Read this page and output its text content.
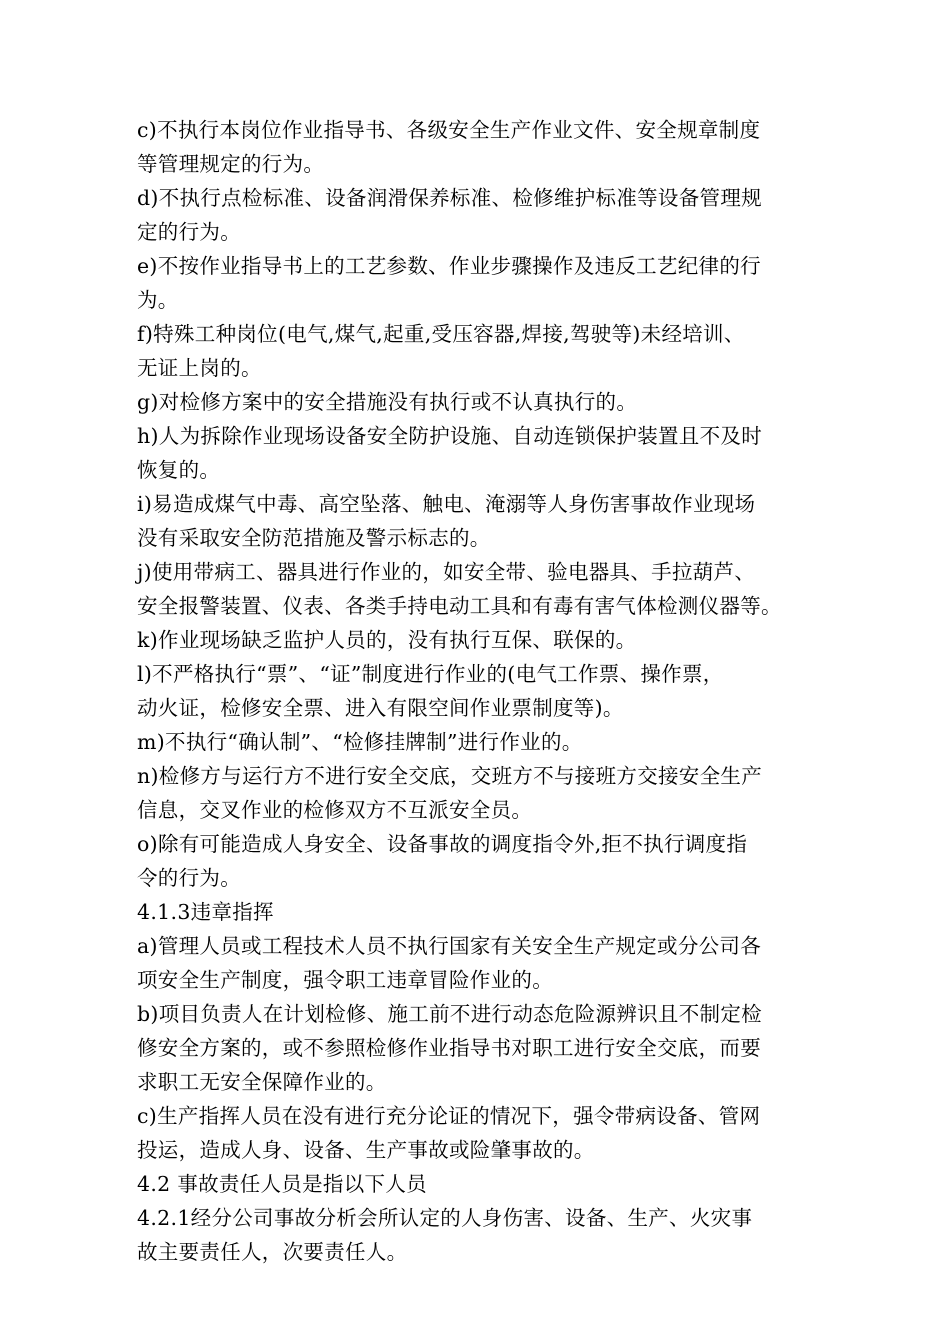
c)不执行本岗位作业指导书、各级安全生产作业文件、安全规章制度
等管理规定的行为。
d)不执行点检标准、设备润滑保养标准、检修维护标准等设备管理规
定的行为。
e)不按作业指导书上的工艺参数、作业步骤操作及违反工艺纪律的行
为。
f)特殊工种岗位(电气,煤气,起重,受压容器,焊接,驾驶等)未经培训、
无证上岗的。
g)对检修方案中的安全措施没有执行或不认真执行的。
h)人为拆除作业现场设备安全防护设施、自动连锁保护装置且不及时
恢复的。
i)易造成煤气中毒、高空坠落、触电、淹溺等人身伤害事故作业现场
没有采取安全防范措施及警示标志的。
j)使用带病工、器具进行作业的，如安全带、验电器具、手拉葫芦、
安全报警装置、仪表、各类手持电动工具和有毒有害气体检测仪器等。
k)作业现场缺乏监护人员的，没有执行互保、联保的。
l)不严格执行“票”、“证”制度进行作业的(电气工作票、操作票，
动火证，检修安全票、进入有限空间作业票制度等)。
m)不执行“确认制”、“检修挂牌制”进行作业的。
n)检修方与运行方不进行安全交底，交班方不与接班方交接安全生产
信息，交叉作业的检修双方不互派安全员。
o)除有可能造成人身安全、设备事故的调度指令外,拒不执行调度指
令的行为。
4.1.3违章指挥
a)管理人员或工程技术人员不执行国家有关安全生产规定或分公司各
项安全生产制度，强令职工违章冒险作业的。
b)项目负责人在计划检修、施工前不进行动态危险源辨识且不制定检
修安全方案的，或不参照检修作业指导书对职工进行安全交底，而要
求职工无安全保障作业的。
c)生产指挥人员在没有进行充分论证的情况下，强令带病设备、管网
投运，造成人身、设备、生产事故或险肇事故的。
4.2 事故责任人员是指以下人员
4.2.1经分公司事故分析会所认定的人身伤害、设备、生产、火灾事
故主要责任人，次要责任人。
